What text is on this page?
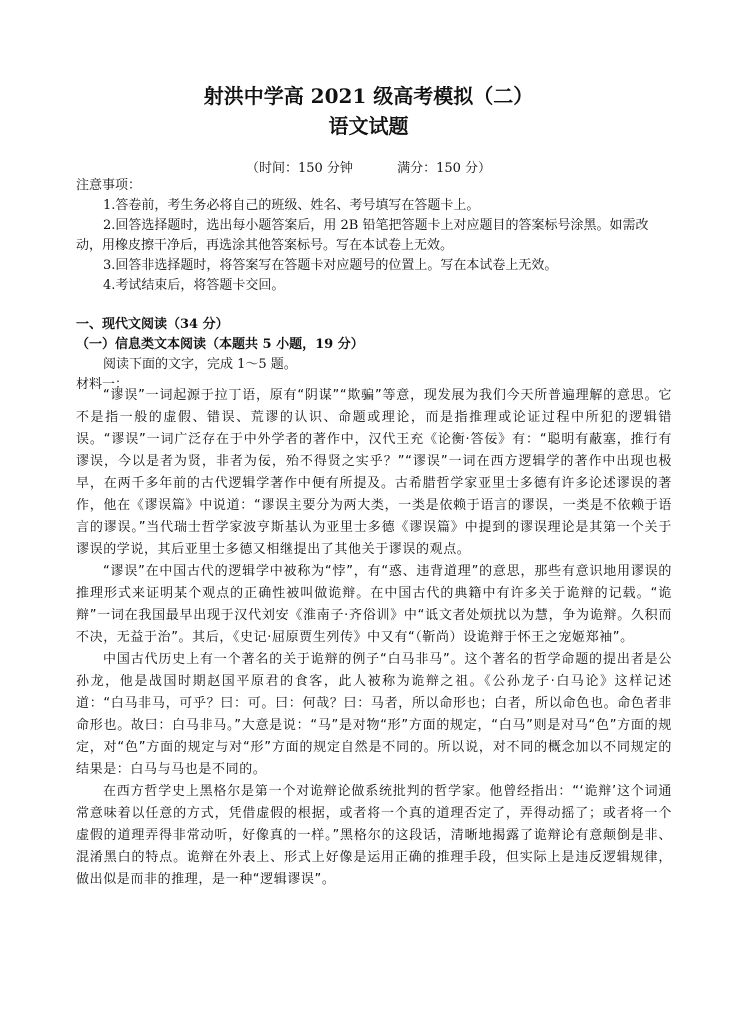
射洪中学高 2021 级高考模拟（二）
语文试题
（时间：150 分钟	满分：150 分）
注意事项：

1.答卷前，考生务必将自己的班级、姓名、考号填写在答题卡上。

2.回答选择题时，选出每小题答案后，用 2B 铅笔把答题卡上对应题目的答案标号涂黑。如需改动，用橡皮擦干净后，再选涂其他答案标号。写在本试卷上无效。

3.回答非选择题时，将答案写在答题卡对应题号的位置上。写在本试卷上无效。

4.考试结束后，将答题卡交回。

一、现代文阅读（34 分）

（一）信息类文本阅读（本题共 5 小题，19 分）

阅读下面的文字，完成 1～5 题。

材料一：

“谬误”一词起源于拉丁语，原有“阴谋”“欺骗”等意，现发展为我们今天所普遍理解的意思。它不是指一般的虚假、错误、荒谬的认识、命题或理论，而是指推理或论证过程中所犯的逻辑错误。“谬误”一词广泛存在于中外学者的著作中，汉代王充《论衡·答佞》有：“聪明有蔽塞，推行有谬误，今以是者为贤，非者为佞，殆不得贤之实乎？”“谬误”一词在西方逻辑学的著作中出现也极早，在两千多年前的古代逻辑学著作中便有所提及。古希腊哲学家亚里士多德有许多论述谬误的著作，他在《谬误篇》中说道：“谬误主要分为两大类，一类是依赖于语言的谬误，一类是不依赖于语言的谬误。”当代瑞士哲学家波亨斯基认为亚里士多德《谬误篇》中提到的谬误理论是其第一个关于谬误的学说，其后亚里士多德又相继提出了其他关于谬误的观点。

“谬误”在中国古代的逻辑学中被称为“悖”，有“惑、违背道理”的意思，那些有意识地用谬误的推理形式来证明某个观点的正确性被叫做诡辩。在中国古代的典籍中有许多关于诡辩的记载。“诡辩”一词在我国最早出现于汉代刘安《淮南子·齐俗训》中“诋文者处烦扰以为慧，争为诡辩。久积而不决，无益于治”。其后，《史记·屈原贾生列传》中又有“（靳尚）设诡辩于怀王之宠姬郑袖”。

中国古代历史上有一个著名的关于诡辩的例子“白马非马”。这个著名的哲学命题的提出者是公孙龙，他是战国时期赵国平原君的食客，此人被称为诡辩之祖。《公孙龙子·白马论》这样记述道：“白马非马，可乎？曰：可。曰：何哉？曰：马者，所以命形也；白者，所以命色也。命色者非命形也。故曰：白马非马。”大意是说：“马”是对物“形”方面的规定，“白马”则是对马“色”方面的规定，对“色”方面的规定与对“形”方面的规定自然是不同的。所以说，对不同的概念加以不同规定的结果是：白马与马也是不同的。

在西方哲学史上黑格尔是第一个对诡辩论做系统批判的哲学家。他曾经指出：“‘诡辩’这个词通常意味着以任意的方式，凭借虚假的根据，或者将一个真的道理否定了，弄得动摇了；或者将一个虚假的道理弄得非常动听，好像真的一样。”黑格尔的这段话，清晰地揭露了诡辩论有意颠倒是非、混淆黑白的特点。诡辩在外表上、形式上好像是运用正确的推理手段，但实际上是违反逻辑规律，做出似是而非的推理，是一种“逻辑谬误”。
